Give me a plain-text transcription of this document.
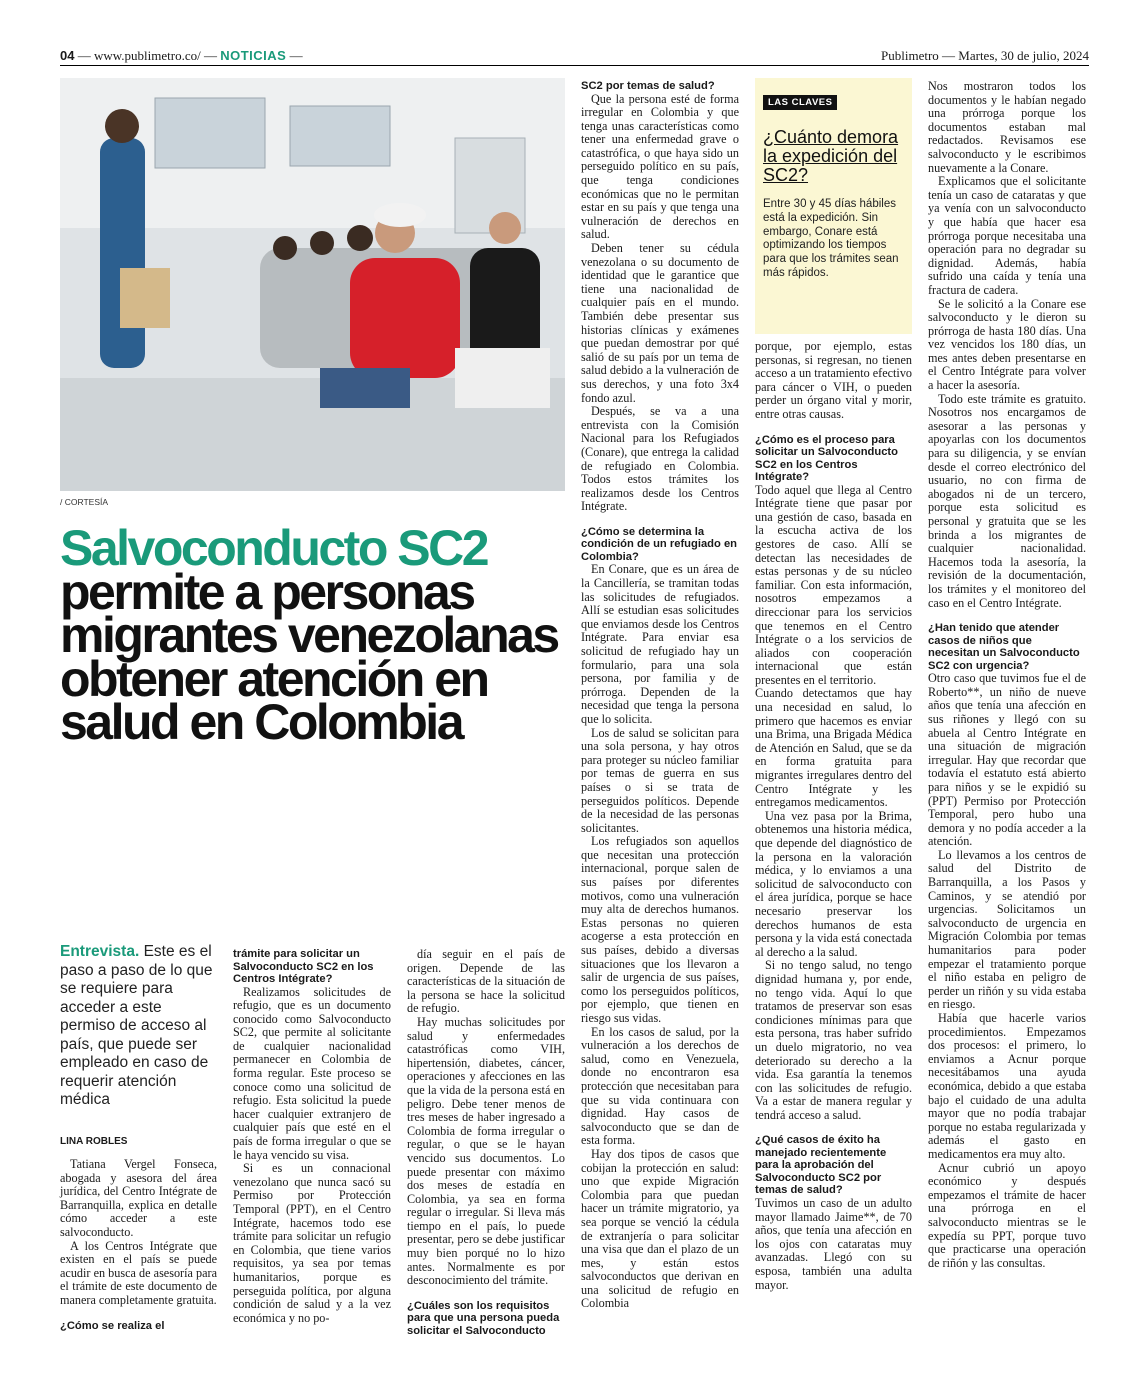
04 — www.publimetro.co/ — NOTICIAS —	Publimetro — Martes, 30 de julio, 2024
/ CORTESÍA
Salvoconducto SC2 permite a personas migrantes venezolanas obtener atención en salud en Colombia
Entrevista. Este es el paso a paso de lo que se requiere para acceder a este permiso de acceso al país, que puede ser empleado en caso de requerir atención médica
LINA ROBLES

Tatiana Vergel Fonseca, abogada y asesora del área jurídica, del Centro Intégrate de Barranquilla, explica en detalle cómo acceder a este salvoconducto.

A los Centros Intégrate que existen en el país se puede acudir en busca de asesoría para el trámite de este documento de manera completamente gratuita.

¿Cómo se realiza el
trámite para solicitar un Salvoconducto SC2 en los Centros Intégrate?

Realizamos solicitudes de refugio, que es un documento conocido como Salvoconducto SC2, que permite al solicitante de cualquier nacionalidad permanecer en Colombia de forma regular. Este proceso se conoce como una solicitud de refugio. Esta solicitud la puede hacer cualquier extranjero de cualquier país que esté en el país de forma irregular o que se le haya vencido su visa.

Si es un connacional venezolano que nunca sacó su Permiso por Protección Temporal (PPT), en el Centro Intégrate, hacemos todo ese trámite para solicitar un refugio en Colombia, que tiene varios requisitos, ya sea por temas humanitarios, porque es perseguida política, por alguna condición de salud y a la vez económica y no po-

día seguir en el país de origen. Depende de las características de la situación de la persona se hace la solicitud de refugio.

Hay muchas solicitudes por salud y enfermedades catastróficas como VIH, hipertensión, diabetes, cáncer, operaciones y afecciones en las que la vida de la persona está en peligro. Debe tener menos de tres meses de haber ingresado a Colombia de forma irregular o regular, o que se le hayan vencido sus documentos. Lo puede presentar con máximo dos meses de estadía en Colombia, ya sea en forma regular o irregular. Si lleva más tiempo en el país, lo puede presentar, pero se debe justificar muy bien porqué no lo hizo antes. Normalmente es por desconocimiento del trámite.

¿Cuáles son los requisitos para que una persona pueda solicitar el Salvoconducto
SC2 por temas de salud?

Que la persona esté de forma irregular en Colombia y que tenga unas características como tener una enfermedad grave o catastrófica, o que haya sido un perseguido político en su país, que tenga condiciones económicas que no le permitan estar en su país y que tenga una vulneración de derechos en salud.

Deben tener su cédula venezolana o su documento de identidad que le garantice que tiene una nacionalidad de cualquier país en el mundo. También debe presentar sus historias clínicas y exámenes que puedan demostrar por qué salió de su país por un tema de salud debido a la vulneración de sus derechos, y una foto 3x4 fondo azul.

Después, se va a una entrevista con la Comisión Nacional para los Refugiados (Conare), que entrega la calidad de refugiado en Colombia. Todos estos trámites los realizamos desde los Centros Intégrate.

¿Cómo se determina la condición de un refugiado en Colombia?

En Conare, que es un área de la Cancillería, se tramitan todas las solicitudes de refugiados. Allí se estudian esas solicitudes que enviamos desde los Centros Intégrate. Para enviar esa solicitud de refugiado hay un formulario, para una sola persona, por familia y de prórroga. Dependen de la necesidad que tenga la persona que lo solicita.

Los de salud se solicitan para una sola persona, y hay otros para proteger su núcleo familiar por temas de guerra en sus países o si se trata de perseguidos políticos. Depende de la necesidad de las personas solicitantes.

Los refugiados son aquellos que necesitan una protección internacional, porque salen de sus países por diferentes motivos, como una vulneración muy alta de derechos humanos. Estas personas no quieren acogerse a esta protección en sus países, debido a diversas situaciones que los llevaron a salir de urgencia de sus países, como los perseguidos políticos, por ejemplo, que tienen en riesgo sus vidas.

En los casos de salud, por la vulneración a los derechos de salud, como en Venezuela, donde no encontraron esa protección que necesitaban para que su vida continuara con dignidad. Hay casos de salvoconducto que se dan de esta forma.

Hay dos tipos de casos que cobijan la protección en salud: uno que expide Migración Colombia para que puedan hacer un trámite migratorio, ya sea porque se venció la cédula de extranjería o para solicitar una visa que dan el plazo de un mes, y están estos salvoconductos que derivan en una solicitud de refugio en Colombia

porque, por ejemplo, estas personas, si regresan, no tienen acceso a un tratamiento efectivo para cáncer o VIH, o pueden perder un órgano vital y morir, entre otras causas.

¿Cómo es el proceso para solicitar un Salvoconducto SC2 en los Centros Intégrate?

Todo aquel que llega al Centro Intégrate tiene que pasar por una gestión de caso, basada en la escucha activa de los gestores de caso. Allí se detectan las necesidades de estas personas y de su núcleo familiar. Con esta información, nosotros empezamos a direccionar para los servicios que tenemos en el Centro Intégrate o a los servicios de aliados con cooperación internacional que están presentes en el territorio.

Cuando detectamos que hay una necesidad en salud, lo primero que hacemos es enviar una Brima, una Brigada Médica de Atención en Salud, que se da en forma gratuita para migrantes irregulares dentro del Centro Intégrate y les entregamos medicamentos.

Una vez pasa por la Brima, obtenemos una historia médica, que depende del diagnóstico de la persona en la valoración médica, y lo enviamos a una solicitud de salvoconducto con el área jurídica, porque se hace necesario preservar los derechos humanos de esta persona y la vida está conectada al derecho a la salud.

Si no tengo salud, no tengo dignidad humana y, por ende, no tengo vida. Aquí lo que tratamos de preservar son esas condiciones mínimas para que esta persona, tras haber sufrido un duelo migratorio, no vea deteriorado su derecho a la vida. Esa garantía la tenemos con las solicitudes de refugio. Va a estar de manera regular y tendrá acceso a salud.

¿Qué casos de éxito ha manejado recientemente para la aprobación del Salvoconducto SC2 por temas de salud?

Tuvimos un caso de un adulto mayor llamado Jaime**, de 70 años, que tenía una afección en los ojos con cataratas muy avanzadas. Llegó con su esposa, también una adulta mayor.

Nos mostraron todos los documentos y le habían negado una prórroga porque los documentos estaban mal redactados. Revisamos ese salvoconducto y le escribimos nuevamente a la Conare.

Explicamos que el solicitante tenía un caso de cataratas y que ya venía con un salvoconducto y que había que hacer esa prórroga porque necesitaba una operación para no degradar su dignidad. Además, había sufrido una caída y tenía una fractura de cadera.

Se le solicitó a la Conare ese salvoconducto y le dieron su prórroga de hasta 180 días. Una vez vencidos los 180 días, un mes antes deben presentarse en el Centro Intégrate para volver a hacer la asesoría.

Todo este trámite es gratuito. Nosotros nos encargamos de asesorar a las personas y apoyarlas con los documentos para su diligencia, y se envían desde el correo electrónico del usuario, no con firma de abogados ni de un tercero, porque esta solicitud es personal y gratuita que se les brinda a los migrantes de cualquier nacionalidad. Hacemos toda la asesoría, la revisión de la documentación, los trámites y el monitoreo del caso en el Centro Intégrate.

¿Han tenido que atender casos de niños que necesitan un Salvoconducto SC2 con urgencia?

Otro caso que tuvimos fue el de Roberto**, un niño de nueve años que tenía una afección en sus riñones y llegó con su abuela al Centro Intégrate en una situación de migración irregular. Hay que recordar que todavía el estatuto está abierto para niños y se le expidió su (PPT) Permiso por Protección Temporal, pero hubo una demora y no podía acceder a la atención.

Lo llevamos a los centros de salud del Distrito de Barranquilla, a los Pasos y Caminos, y se atendió por urgencias. Solicitamos un salvoconducto de urgencia en Migración Colombia por temas humanitarios para poder empezar el tratamiento porque el niño estaba en peligro de perder un riñón y su vida estaba en riesgo.

Había que hacerle varios procedimientos. Empezamos dos procesos: el primero, lo enviamos a Acnur porque necesitábamos una ayuda económica, debido a que estaba bajo el cuidado de una adulta mayor que no podía trabajar porque no estaba regularizada y además el gasto en medicamentos era muy alto.

Acnur cubrió un apoyo económico y después empezamos el trámite de hacer una prórroga en el salvoconducto mientras se le expedía su PPT, porque tuvo que practicarse una operación de riñón y las consultas.

LAS CLAVES
¿Cuánto demora la expedición del SC2?
Entre 30 y 45 días hábiles está la expedición. Sin embargo, Conare está optimizando los tiempos para que los trámites sean más rápidos.
